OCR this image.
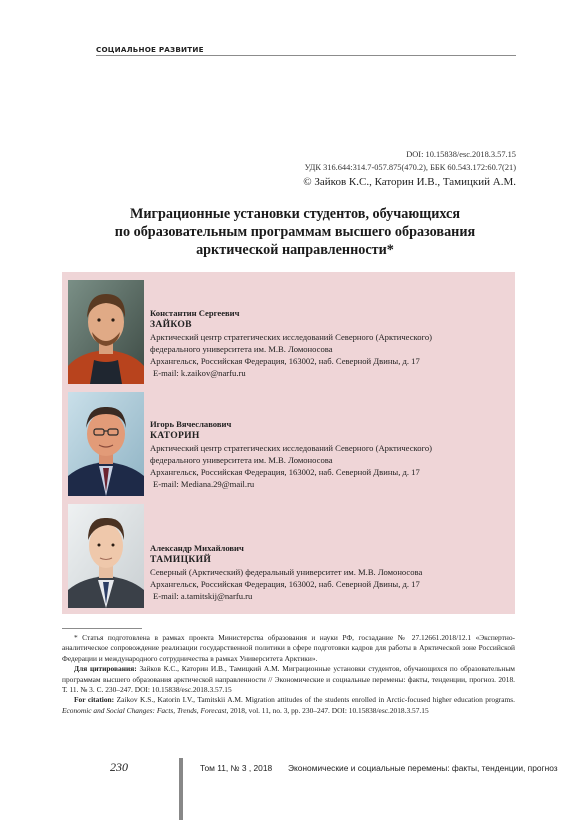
СОЦИАЛЬНОЕ РАЗВИТИЕ
DOI: 10.15838/esc.2018.3.57.15
УДК 316.644:314.7-057.875(470.2), ББК 60.543.172:60.7(21)
© Зайков К.С., Каторин И.В., Тамицкий А.М.
Миграционные установки студентов, обучающихся
по образовательным программам высшего образования
арктической направленности*
Константин Сергеевич
ЗАЙКОВ
Арктический центр стратегических исследований Северного (Арктического)
федерального университета им. М.В. Ломоносова
Архангельск, Российская Федерация, 163002, наб. Северной Двины, д. 17
E-mail: k.zaikov@narfu.ru
Игорь Вячеславович
КАТОРИН
Арктический центр стратегических исследований Северного (Арктического)
федерального университета им. М.В. Ломоносова
Архангельск, Российская Федерация, 163002, наб. Северной Двины, д. 17
E-mail: Mediana.29@mail.ru
Александр Михайлович
ТАМИЦКИЙ
Северный (Арктический) федеральный университет им. М.В. Ломоносова
Архангельск, Российская Федерация, 163002, наб. Северной Двины, д. 17
E-mail: a.tamitskij@narfu.ru

* Статья подготовлена в рамках проекта Министерства образования и науки РФ, госзадание № 27.12661.2018/12.1 «Экспертно-аналитическое сопровождение реализации государственной политики в сфере подготовки кадров для работы в Арктической зоне Российской Федерации и международного сотрудничества в рамках Университета Арктики».

Для цитирования: Зайков К.С., Каторин И.В., Тамицкий А.М. Миграционные установки студентов, обучающихся по образовательным программам высшего образования арктической направленности // Экономические и социальные перемены: факты, тенденции, прогноз. 2018. Т. 11. № 3. С. 230–247. DOI: 10.15838/esc.2018.3.57.15

For citation: Zaikov K.S., Katorin I.V., Tamitskii A.M. Migration attitudes of the students enrolled in Arctic-focused higher education programs. Economic and Social Changes: Facts, Trends, Forecast, 2018, vol. 11, no. 3, pp. 230–247. DOI: 10.15838/esc.2018.3.57.15

230	Том 11, № 3 , 2018 Экономические и социальные перемены: факты, тенденции, прогноз
